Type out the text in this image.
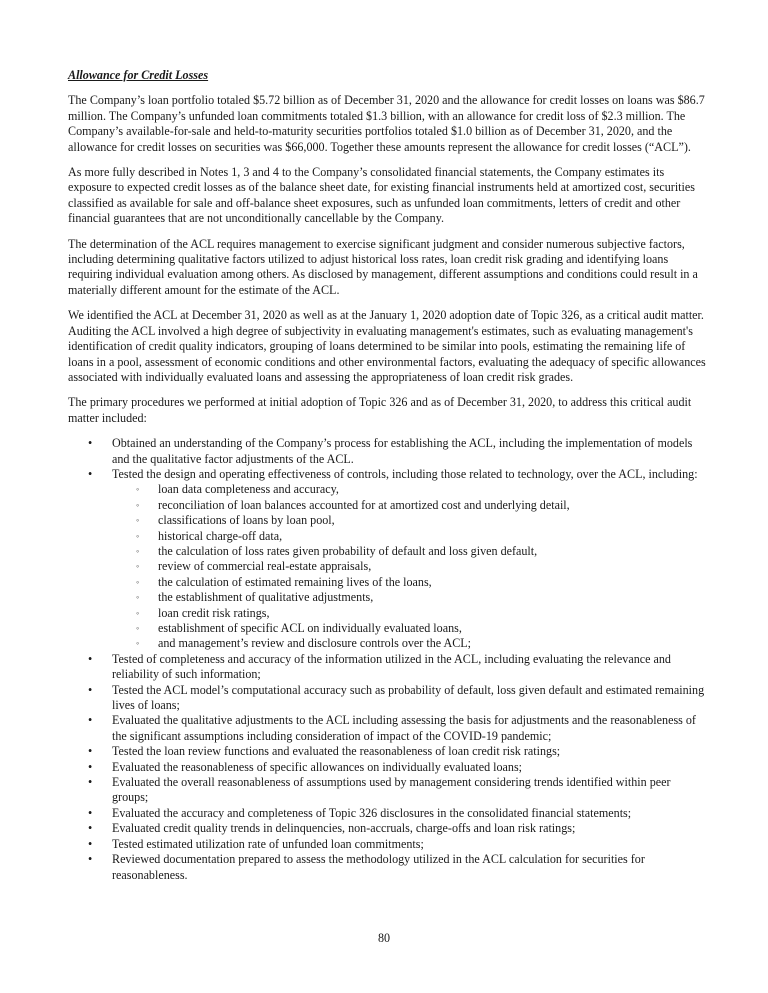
Allowance for Credit Losses

The Company’s loan portfolio totaled $5.72 billion as of December 31, 2020 and the allowance for credit losses on loans was $86.7 million. The Company’s unfunded loan commitments totaled $1.3 billion, with an allowance for credit loss of $2.3 million. The Company’s available-for-sale and held-to-maturity securities portfolios totaled $1.0 billion as of December 31, 2020, and the allowance for credit losses on securities was $66,000. Together these amounts represent the allowance for credit losses (“ACL”).

As more fully described in Notes 1, 3 and 4 to the Company’s consolidated financial statements, the Company estimates its exposure to expected credit losses as of the balance sheet date, for existing financial instruments held at amortized cost, securities classified as available for sale and off-balance sheet exposures, such as unfunded loan commitments, letters of credit and other financial guarantees that are not unconditionally cancellable by the Company.

The determination of the ACL requires management to exercise significant judgment and consider numerous subjective factors, including determining qualitative factors utilized to adjust historical loss rates, loan credit risk grading and identifying loans requiring individual evaluation among others. As disclosed by management, different assumptions and conditions could result in a materially different amount for the estimate of the ACL.

We identified the ACL at December 31, 2020 as well as at the January 1, 2020 adoption date of Topic 326, as a critical audit matter. Auditing the ACL involved a high degree of subjectivity in evaluating management's estimates, such as evaluating management's identification of credit quality indicators, grouping of loans determined to be similar into pools, estimating the remaining life of loans in a pool, assessment of economic conditions and other environmental factors, evaluating the adequacy of specific allowances associated with individually evaluated loans and assessing the appropriateness of loan credit risk grades.

The primary procedures we performed at initial adoption of Topic 326 and as of December 31, 2020, to address this critical audit matter included:

• Obtained an understanding of the Company’s process for establishing the ACL, including the implementation of models and the qualitative factor adjustments of the ACL.
• Tested the design and operating effectiveness of controls, including those related to technology, over the ACL, including:
◦ loan data completeness and accuracy,
◦ reconciliation of loan balances accounted for at amortized cost and underlying detail,
◦ classifications of loans by loan pool,
◦ historical charge-off data,
◦ the calculation of loss rates given probability of default and loss given default,
◦ review of commercial real-estate appraisals,
◦ the calculation of estimated remaining lives of the loans,
◦ the establishment of qualitative adjustments,
◦ loan credit risk ratings,
◦ establishment of specific ACL on individually evaluated loans,
◦ and management’s review and disclosure controls over the ACL;
• Tested of completeness and accuracy of the information utilized in the ACL, including evaluating the relevance and reliability of such information;
• Tested the ACL model’s computational accuracy such as probability of default, loss given default and estimated remaining lives of loans;
• Evaluated the qualitative adjustments to the ACL including assessing the basis for adjustments and the reasonableness of the significant assumptions including consideration of impact of the COVID-19 pandemic;
• Tested the loan review functions and evaluated the reasonableness of loan credit risk ratings;
• Evaluated the reasonableness of specific allowances on individually evaluated loans;
• Evaluated the overall reasonableness of assumptions used by management considering trends identified within peer groups;
• Evaluated the accuracy and completeness of Topic 326 disclosures in the consolidated financial statements;
• Evaluated credit quality trends in delinquencies, non-accruals, charge-offs and loan risk ratings;
• Tested estimated utilization rate of unfunded loan commitments;
• Reviewed documentation prepared to assess the methodology utilized in the ACL calculation for securities for reasonableness.
80
